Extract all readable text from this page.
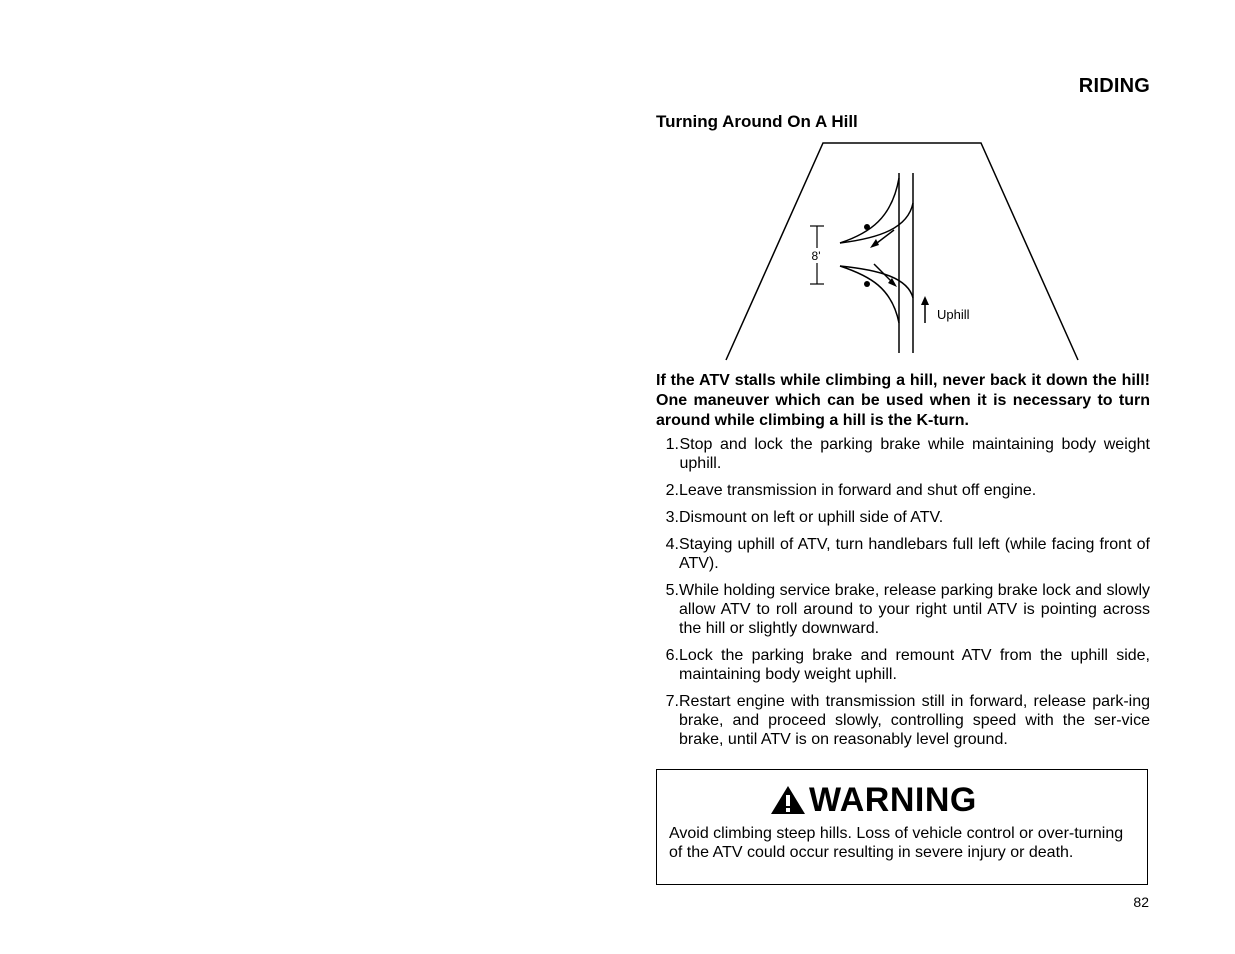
RIDING
Turning Around On A Hill
8'
Uphill

If the ATV stalls while climbing a hill, never back it down the hill! One maneuver which can be used when it is necessary to turn around while climbing a hill is the K-turn.

1. Stop and lock the parking brake while maintaining body weight uphill.
2. Leave transmission in forward and shut off engine.
3. Dismount on left or uphill side of ATV.
4. Staying uphill of ATV, turn handlebars full left (while facing front of ATV).
5. While holding service brake, release parking brake lock and slowly allow ATV to roll around to your right until ATV is pointing across the hill or slightly downward.
6. Lock the parking brake and remount ATV from the uphill side, maintaining body weight uphill.
7. Restart engine with transmission still in forward, release park-ing brake, and proceed slowly, controlling speed with the ser-vice brake, until ATV is on reasonably level ground.
WARNING

Avoid climbing steep hills. Loss of vehicle control or over-turning of the ATV could occur resulting in severe injury or death.

82
